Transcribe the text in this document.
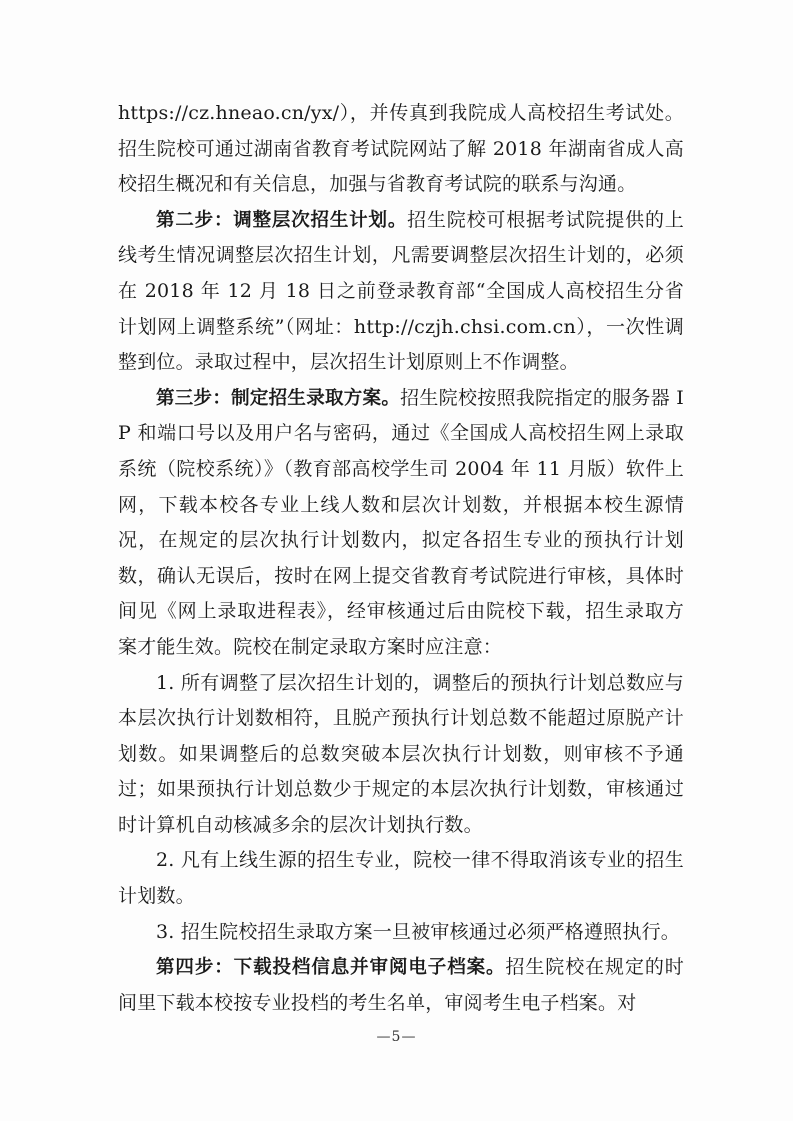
https://cz.hneao.cn/yx/），并传真到我院成人高校招生考试处。招生院校可通过湖南省教育考试院网站了解 2018 年湖南省成人高校招生概况和有关信息，加强与省教育考试院的联系与沟通。

第二步：调整层次招生计划。招生院校可根据考试院提供的上线考生情况调整层次招生计划，凡需要调整层次招生计划的，必须在 2018 年 12 月 18 日之前登录教育部“全国成人高校招生分省计划网上调整系统”（网址：http://czjh.chsi.com.cn），一次性调整到位。录取过程中，层次招生计划原则上不作调整。

第三步：制定招生录取方案。招生院校按照我院指定的服务器 IP 和端口号以及用户名与密码，通过《全国成人高校招生网上录取系统（院校系统）》（教育部高校学生司 2004 年 11 月版）软件上网，下载本校各专业上线人数和层次计划数，并根据本校生源情况，在规定的层次执行计划数内，拟定各招生专业的预执行计划数，确认无误后，按时在网上提交省教育考试院进行审核，具体时间见《网上录取进程表》，经审核通过后由院校下载，招生录取方案才能生效。院校在制定录取方案时应注意：

1. 所有调整了层次招生计划的，调整后的预执行计划总数应与本层次执行计划数相符，且脱产预执行计划总数不能超过原脱产计划数。如果调整后的总数突破本层次执行计划数，则审核不予通过；如果预执行计划总数少于规定的本层次执行计划数，审核通过时计算机自动核减多余的层次计划执行数。

2. 凡有上线生源的招生专业，院校一律不得取消该专业的招生计划数。

3. 招生院校招生录取方案一旦被审核通过必须严格遵照执行。

第四步：下载投档信息并审阅电子档案。招生院校在规定的时间里下载本校按专业投档的考生名单，审阅考生电子档案。对

—5—
